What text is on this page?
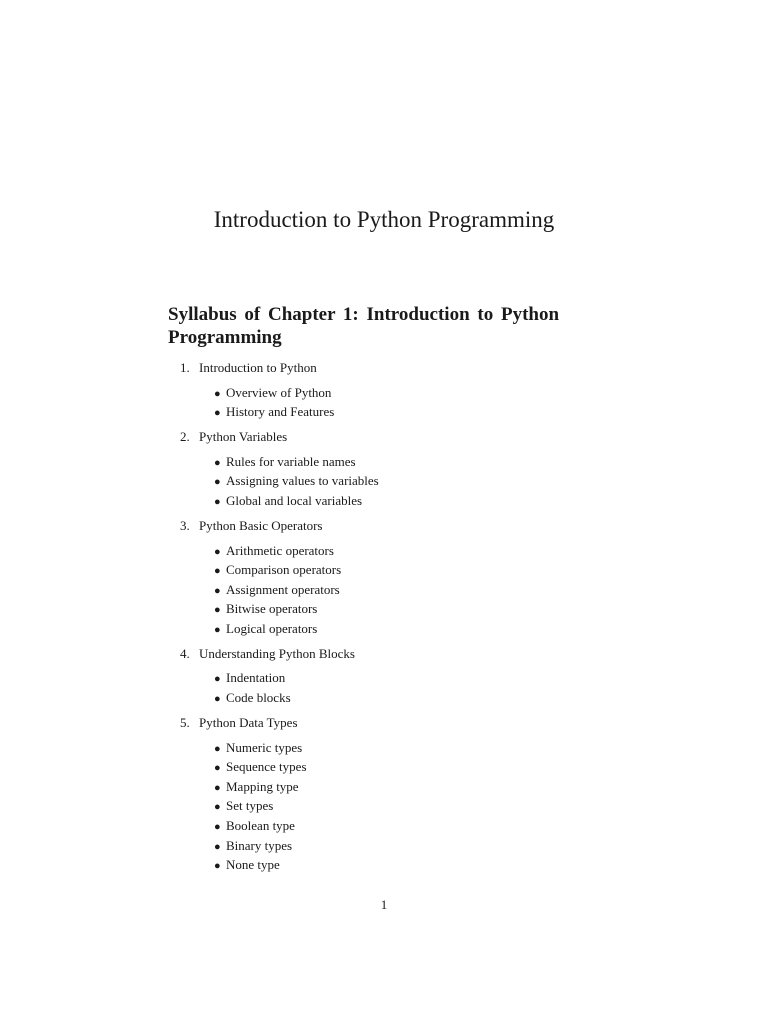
Introduction to Python Programming
Syllabus of Chapter 1: Introduction to Python Programming
1. Introduction to Python
● Overview of Python
● History and Features
2. Python Variables
● Rules for variable names
● Assigning values to variables
● Global and local variables
3. Python Basic Operators
● Arithmetic operators
● Comparison operators
● Assignment operators
● Bitwise operators
● Logical operators
4. Understanding Python Blocks
● Indentation
● Code blocks
5. Python Data Types
● Numeric types
● Sequence types
● Mapping type
● Set types
● Boolean type
● Binary types
● None type
1
